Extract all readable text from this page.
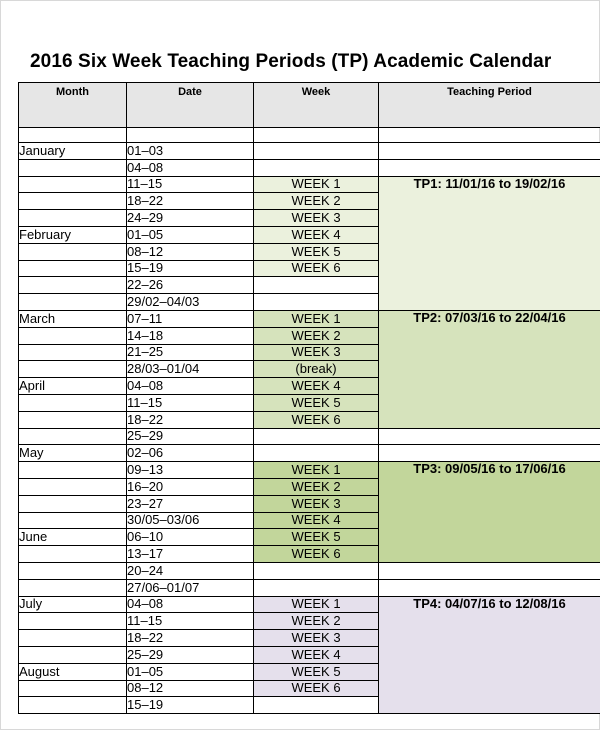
2016 Six Week Teaching Periods (TP) Academic Calendar
Month	Date	Week	Teaching Period

January	01–03		
	04–08		
	11–15	WEEK 1	TP1: 11/01/16 to 19/02/16
	18–22	WEEK 2	
	24–29	WEEK 3	
February	01–05	WEEK 4	
	08–12	WEEK 5	
	15–19	WEEK 6	
	22–26		
	29/02–04/03		
March	07–11	WEEK 1	TP2: 07/03/16 to 22/04/16
	14–18	WEEK 2	
	21–25	WEEK 3	
	28/03–01/04	(break)	
April	04–08	WEEK 4	
	11–15	WEEK 5	
	18–22	WEEK 6	
	25–29		
May	02–06		
	09–13	WEEK 1	TP3: 09/05/16 to 17/06/16
	16–20	WEEK 2	
	23–27	WEEK 3	
	30/05–03/06	WEEK 4	
June	06–10	WEEK 5	
	13–17	WEEK 6	
	20–24		
	27/06–01/07		
July	04–08	WEEK 1	TP4: 04/07/16 to 12/08/16
	11–15	WEEK 2	
	18–22	WEEK 3	
	25–29	WEEK 4	
August	01–05	WEEK 5	
	08–12	WEEK 6	
	15–19		
